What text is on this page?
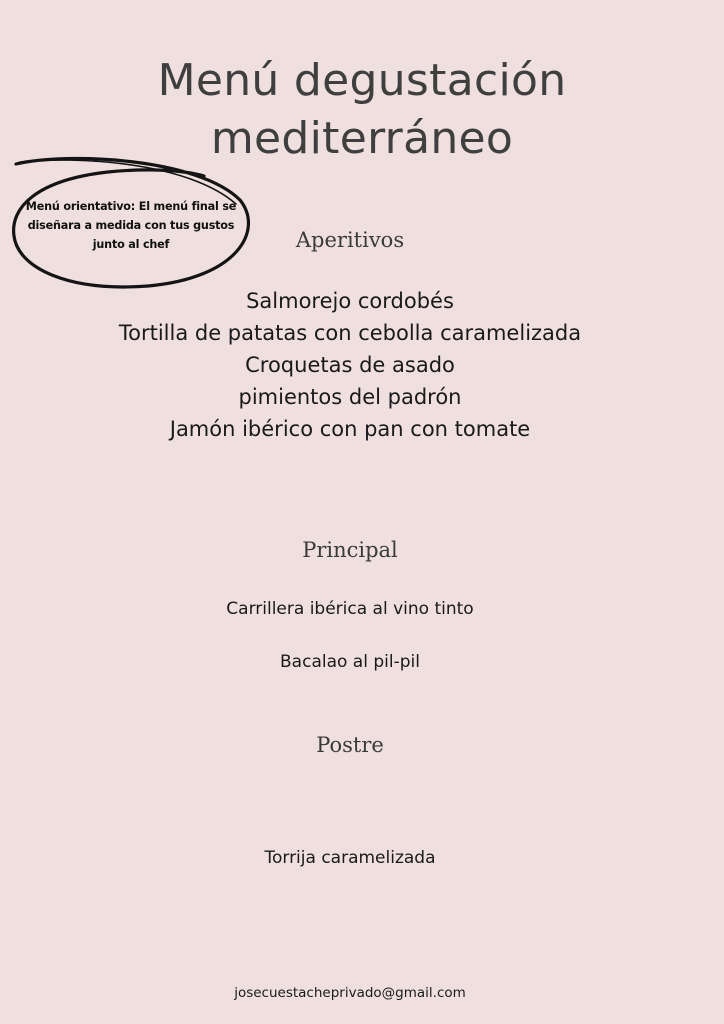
Menú degustación
mediterráneo
Menú orientativo: El menú final se
diseñara a medida con tus gustos
junto al chef	Aperitivos
Salmorejo cordobés
Tortilla de patatas con cebolla caramelizada
Croquetas de asado
pimientos del padrón
Jamón ibérico con pan con tomate
Principal
Carrillera ibérica al vino tinto
Bacalao al pil-pil
Postre
Torrija caramelizada
josecuestacheprivado@gmail.com
